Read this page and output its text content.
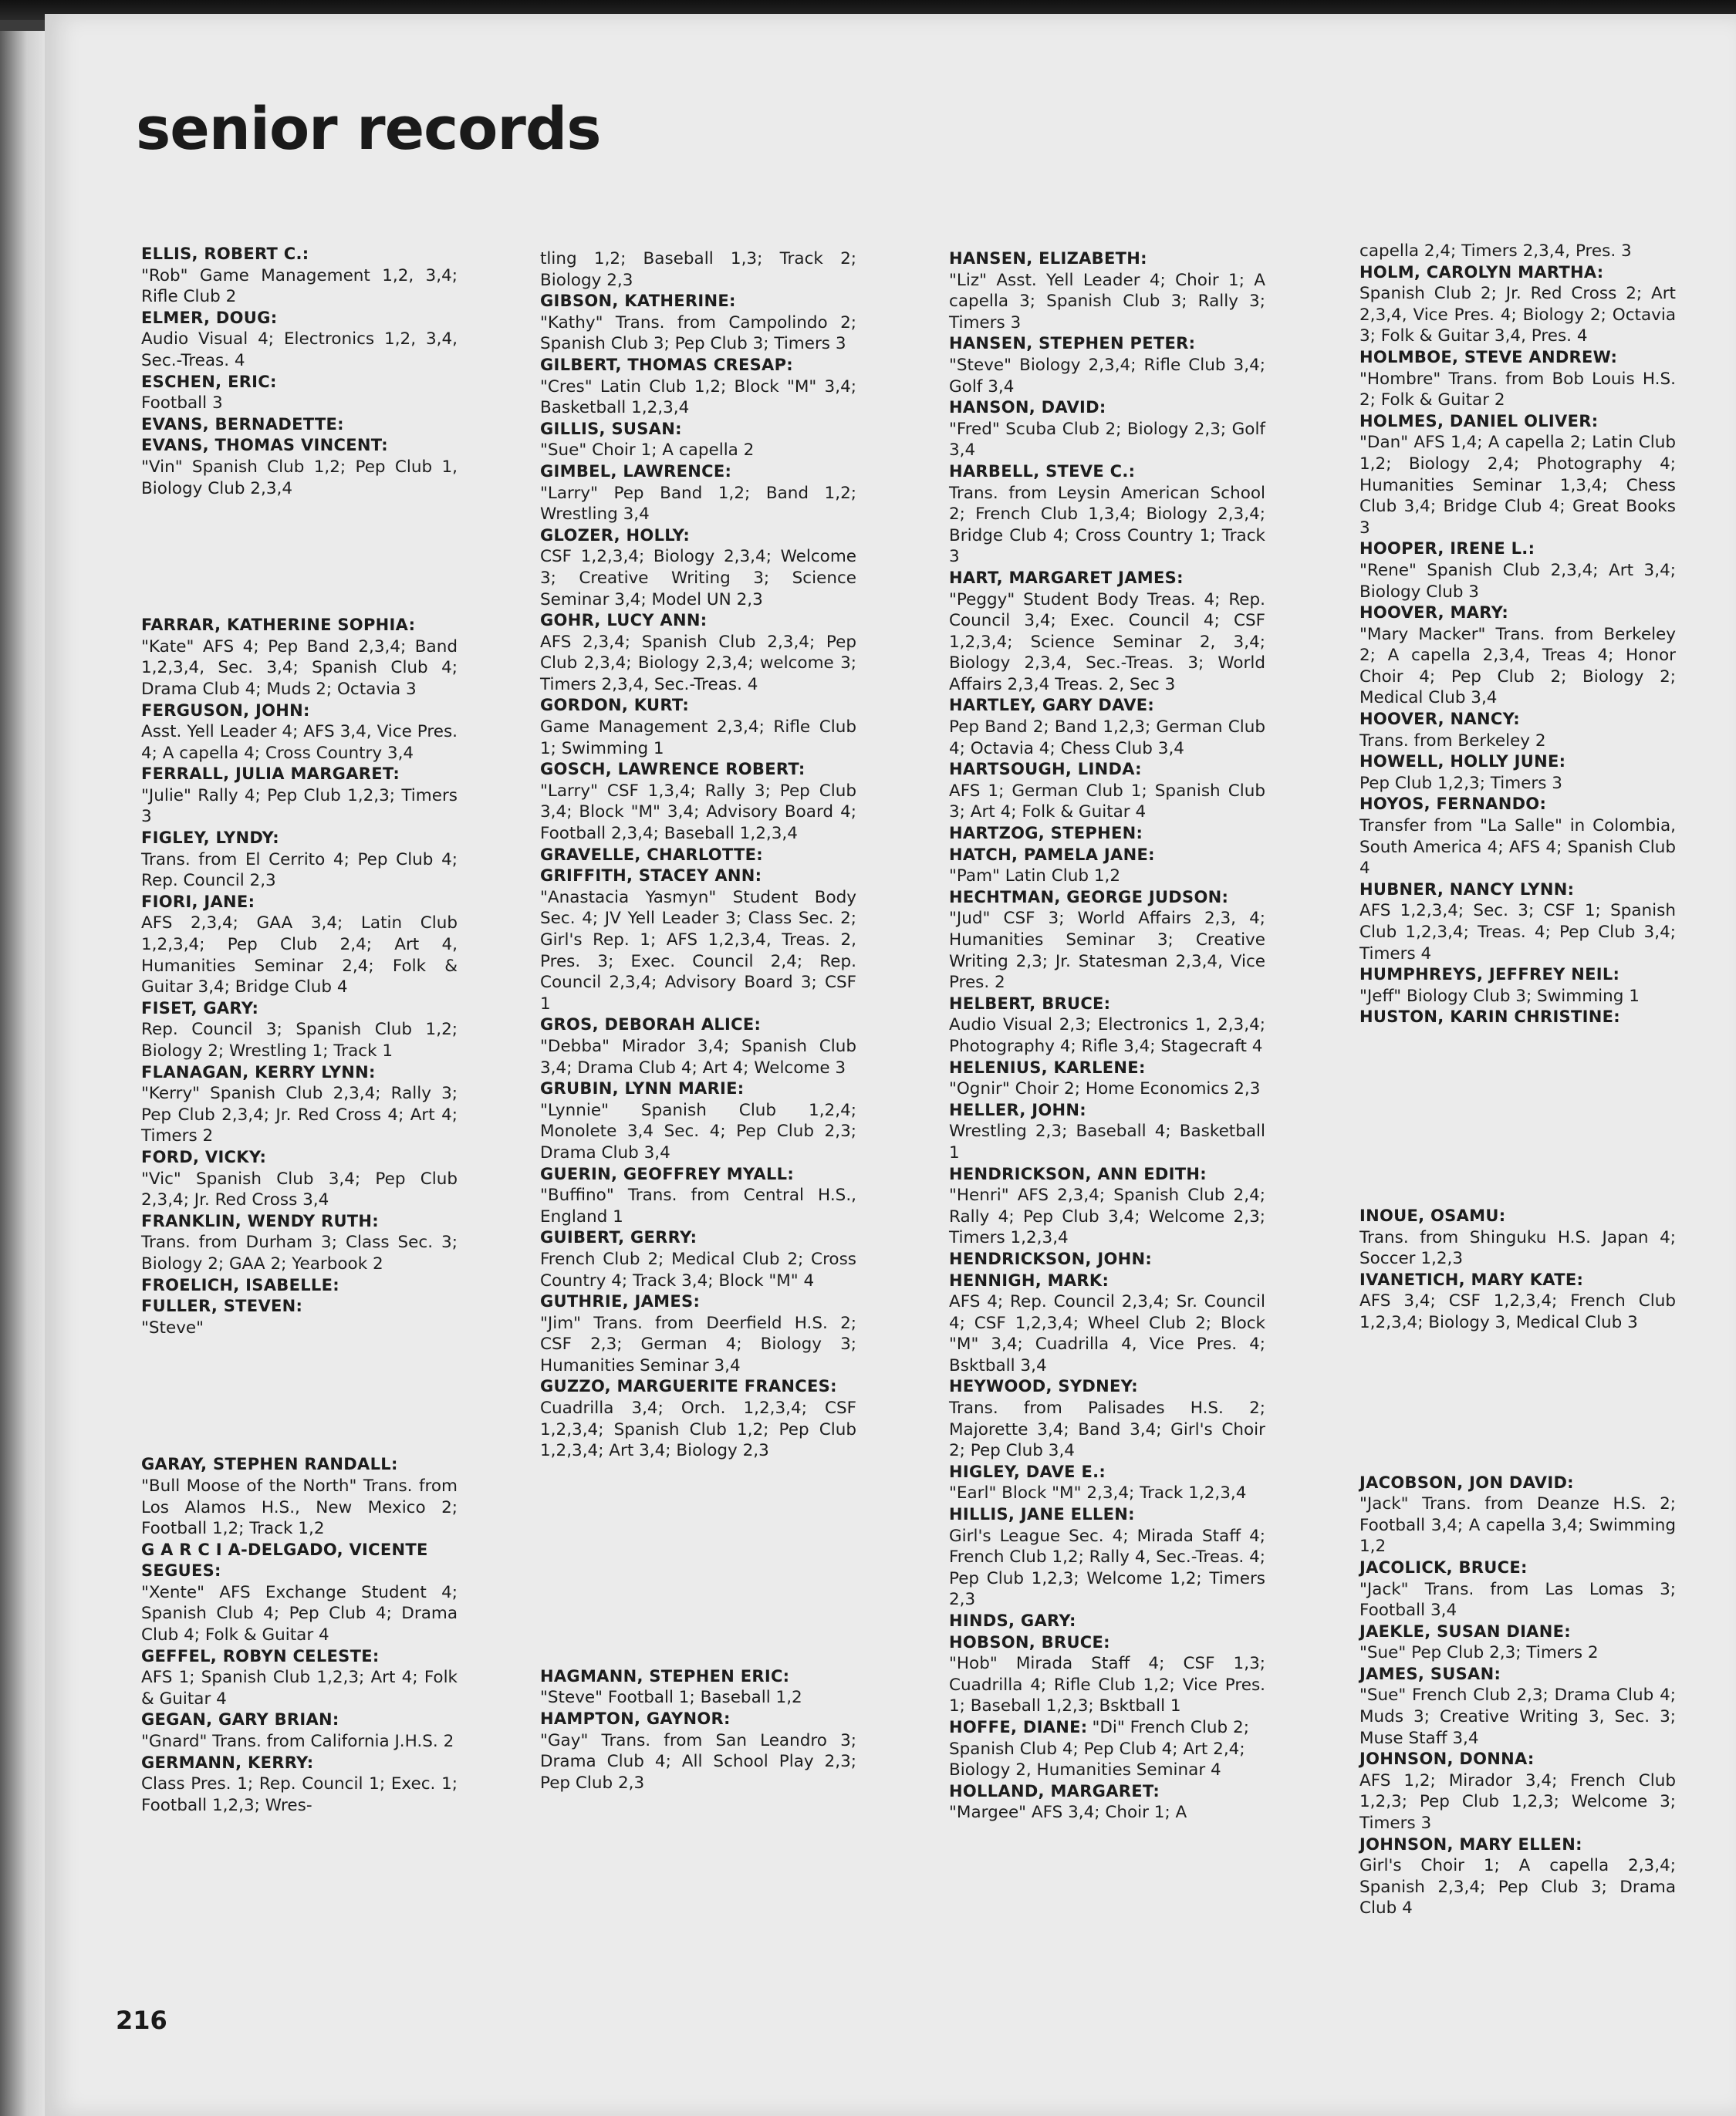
senior records
ELLIS, ROBERT C.:
"Rob" Game Management 1,2, 3,4; Rifle Club 2
ELMER, DOUG:
Audio Visual 4; Electronics 1,2, 3,4, Sec.-Treas. 4
ESCHEN, ERIC:
Football 3
EVANS, BERNADETTE:
EVANS, THOMAS VINCENT:
"Vin" Spanish Club 1,2; Pep Club 1, Biology Club 2,3,4
FARRAR, KATHERINE SOPHIA:
"Kate" AFS 4; Pep Band 2,3,4; Band 1,2,3,4, Sec. 3,4; Spanish Club 4; Drama Club 4; Muds 2; Octavia 3
FERGUSON, JOHN:
Asst. Yell Leader 4; AFS 3,4, Vice Pres. 4; A capella 4; Cross Country 3,4
FERRALL, JULIA MARGARET:
"Julie" Rally 4; Pep Club 1,2,3; Timers 3
FIGLEY, LYNDY:
Trans. from El Cerrito 4; Pep Club 4; Rep. Council 2,3
FIORI, JANE:
AFS 2,3,4; GAA 3,4; Latin Club 1,2,3,4; Pep Club 2,4; Art 4, Humanities Seminar 2,4; Folk & Guitar 3,4; Bridge Club 4
FISET, GARY:
Rep. Council 3; Spanish Club 1,2; Biology 2; Wrestling 1; Track 1
FLANAGAN, KERRY LYNN:
"Kerry" Spanish Club 2,3,4; Rally 3; Pep Club 2,3,4; Jr. Red Cross 4; Art 4; Timers 2
FORD, VICKY:
"Vic" Spanish Club 3,4; Pep Club 2,3,4; Jr. Red Cross 3,4
FRANKLIN, WENDY RUTH:
Trans. from Durham 3; Class Sec. 3; Biology 2; GAA 2; Yearbook 2
FROELICH, ISABELLE:
FULLER, STEVEN:
"Steve"
GARAY, STEPHEN RANDALL:
"Bull Moose of the North" Trans. from Los Alamos H.S., New Mexico 2; Football 1,2; Track 1,2
G A R C I A-DELGADO, VICENTE SEGUES:
"Xente" AFS Exchange Student 4; Spanish Club 4; Pep Club 4; Drama Club 4; Folk & Guitar 4
GEFFEL, ROBYN CELESTE:
AFS 1; Spanish Club 1,2,3; Art 4; Folk & Guitar 4
GEGAN, GARY BRIAN:
"Gnard" Trans. from California J.H.S. 2
GERMANN, KERRY:
Class Pres. 1; Rep. Council 1; Exec. 1; Football 1,2,3; Wres-
tling 1,2; Baseball 1,3; Track 2; Biology 2,3
GIBSON, KATHERINE:
"Kathy" Trans. from Campolindo 2; Spanish Club 3; Pep Club 3; Timers 3
GILBERT, THOMAS CRESAP:
"Cres" Latin Club 1,2; Block "M" 3,4; Basketball 1,2,3,4
GILLIS, SUSAN:
"Sue" Choir 1; A capella 2
GIMBEL, LAWRENCE:
"Larry" Pep Band 1,2; Band 1,2; Wrestling 3,4
GLOZER, HOLLY:
CSF 1,2,3,4; Biology 2,3,4; Welcome 3; Creative Writing 3; Science Seminar 3,4; Model UN 2,3
GOHR, LUCY ANN:
AFS 2,3,4; Spanish Club 2,3,4; Pep Club 2,3,4; Biology 2,3,4; welcome 3; Timers 2,3,4, Sec.-Treas. 4
GORDON, KURT:
Game Management 2,3,4; Rifle Club 1; Swimming 1
GOSCH, LAWRENCE ROBERT:
"Larry" CSF 1,3,4; Rally 3; Pep Club 3,4; Block "M" 3,4; Advisory Board 4; Football 2,3,4; Baseball 1,2,3,4
GRAVELLE, CHARLOTTE:
GRIFFITH, STACEY ANN:
"Anastacia Yasmyn" Student Body Sec. 4; JV Yell Leader 3; Class Sec. 2; Girl's Rep. 1; AFS 1,2,3,4, Treas. 2, Pres. 3; Exec. Council 2,4; Rep. Council 2,3,4; Advisory Board 3; CSF 1
GROS, DEBORAH ALICE:
"Debba" Mirador 3,4; Spanish Club 3,4; Drama Club 4; Art 4; Welcome 3
GRUBIN, LYNN MARIE:
"Lynnie" Spanish Club 1,2,4; Monolete 3,4 Sec. 4; Pep Club 2,3; Drama Club 3,4
GUERIN, GEOFFREY MYALL:
"Buffino" Trans. from Central H.S., England 1
GUIBERT, GERRY:
French Club 2; Medical Club 2; Cross Country 4; Track 3,4; Block "M" 4
GUTHRIE, JAMES:
"Jim" Trans. from Deerfield H.S. 2; CSF 2,3; German 4; Biology 3; Humanities Seminar 3,4
GUZZO, MARGUERITE FRANCES:
Cuadrilla 3,4; Orch. 1,2,3,4; CSF 1,2,3,4; Spanish Club 1,2; Pep Club 1,2,3,4; Art 3,4; Biology 2,3
HAGMANN, STEPHEN ERIC:
"Steve" Football 1; Baseball 1,2
HAMPTON, GAYNOR:
"Gay" Trans. from San Leandro 3; Drama Club 4; All School Play 2,3; Pep Club 2,3
HANSEN, ELIZABETH:
"Liz" Asst. Yell Leader 4; Choir 1; A capella 3; Spanish Club 3; Rally 3; Timers 3
HANSEN, STEPHEN PETER:
"Steve" Biology 2,3,4; Rifle Club 3,4; Golf 3,4
HANSON, DAVID:
"Fred" Scuba Club 2; Biology 2,3; Golf 3,4
HARBELL, STEVE C.:
Trans. from Leysin American School 2; French Club 1,3,4; Biology 2,3,4; Bridge Club 4; Cross Country 1; Track 3
HART, MARGARET JAMES:
"Peggy" Student Body Treas. 4; Rep. Council 3,4; Exec. Council 4; CSF 1,2,3,4; Science Seminar 2, 3,4; Biology 2,3,4, Sec.-Treas. 3; World Affairs 2,3,4 Treas. 2, Sec 3
HARTLEY, GARY DAVE:
Pep Band 2; Band 1,2,3; German Club 4; Octavia 4; Chess Club 3,4
HARTSOUGH, LINDA:
AFS 1; German Club 1; Spanish Club 3; Art 4; Folk & Guitar 4
HARTZOG, STEPHEN:
HATCH, PAMELA JANE:
"Pam" Latin Club 1,2
HECHTMAN, GEORGE JUDSON:
"Jud" CSF 3; World Affairs 2,3, 4; Humanities Seminar 3; Creative Writing 2,3; Jr. Statesman 2,3,4, Vice Pres. 2
HELBERT, BRUCE:
Audio Visual 2,3; Electronics 1, 2,3,4; Photography 4; Rifle 3,4; Stagecraft 4
HELENIUS, KARLENE:
"Ognir" Choir 2; Home Economics 2,3
HELLER, JOHN:
Wrestling 2,3; Baseball 4; Basketball 1
HENDRICKSON, ANN EDITH:
"Henri" AFS 2,3,4; Spanish Club 2,4; Rally 4; Pep Club 3,4; Welcome 2,3; Timers 1,2,3,4
HENDRICKSON, JOHN:
HENNIGH, MARK:
AFS 4; Rep. Council 2,3,4; Sr. Council 4; CSF 1,2,3,4; Wheel Club 2; Block "M" 3,4; Cuadrilla 4, Vice Pres. 4; Bsktball 3,4
HEYWOOD, SYDNEY:
Trans. from Palisades H.S. 2; Majorette 3,4; Band 3,4; Girl's Choir 2; Pep Club 3,4
HIGLEY, DAVE E.:
"Earl" Block "M" 2,3,4; Track 1,2,3,4
HILLIS, JANE ELLEN:
Girl's League Sec. 4; Mirada Staff 4; French Club 1,2; Rally 4, Sec.-Treas. 4; Pep Club 1,2,3; Welcome 1,2; Timers 2,3
HINDS, GARY:
HOBSON, BRUCE:
"Hob" Mirada Staff 4; CSF 1,3; Cuadrilla 4; Rifle Club 1,2; Vice Pres. 1; Baseball 1,2,3; Bsktball 1
HOFFE, DIANE: "Di" French Club 2; Spanish Club 4; Pep Club 4; Art 2,4; Biology 2, Humanities Seminar 4
HOLLAND, MARGARET:
"Margee" AFS 3,4; Choir 1; A
capella 2,4; Timers 2,3,4, Pres. 3
HOLM, CAROLYN MARTHA:
Spanish Club 2; Jr. Red Cross 2; Art 2,3,4, Vice Pres. 4; Biology 2; Octavia 3; Folk & Guitar 3,4, Pres. 4
HOLMBOE, STEVE ANDREW:
"Hombre" Trans. from Bob Louis H.S. 2; Folk & Guitar 2
HOLMES, DANIEL OLIVER:
"Dan" AFS 1,4; A capella 2; Latin Club 1,2; Biology 2,4; Photography 4; Humanities Seminar 1,3,4; Chess Club 3,4; Bridge Club 4; Great Books 3
HOOPER, IRENE L.:
"Rene" Spanish Club 2,3,4; Art 3,4; Biology Club 3
HOOVER, MARY:
"Mary Macker" Trans. from Berkeley 2; A capella 2,3,4, Treas 4; Honor Choir 4; Pep Club 2; Biology 2; Medical Club 3,4
HOOVER, NANCY:
Trans. from Berkeley 2
HOWELL, HOLLY JUNE:
Pep Club 1,2,3; Timers 3
HOYOS, FERNANDO:
Transfer from "La Salle" in Colombia, South America 4; AFS 4; Spanish Club 4
HUBNER, NANCY LYNN:
AFS 1,2,3,4; Sec. 3; CSF 1; Spanish Club 1,2,3,4; Treas. 4; Pep Club 3,4; Timers 4
HUMPHREYS, JEFFREY NEIL:
"Jeff" Biology Club 3; Swimming 1
HUSTON, KARIN CHRISTINE:
INOUE, OSAMU:
Trans. from Shinguku H.S. Japan 4; Soccer 1,2,3
IVANETICH, MARY KATE:
AFS 3,4; CSF 1,2,3,4; French Club 1,2,3,4; Biology 3, Medical Club 3
JACOBSON, JON DAVID:
"Jack" Trans. from Deanze H.S. 2; Football 3,4; A capella 3,4; Swimming 1,2
JACOLICK, BRUCE:
"Jack" Trans. from Las Lomas 3; Football 3,4
JAEKLE, SUSAN DIANE:
"Sue" Pep Club 2,3; Timers 2
JAMES, SUSAN:
"Sue" French Club 2,3; Drama Club 4; Muds 3; Creative Writing 3, Sec. 3; Muse Staff 3,4
JOHNSON, DONNA:
AFS 1,2; Mirador 3,4; French Club 1,2,3; Pep Club 1,2,3; Welcome 3; Timers 3
JOHNSON, MARY ELLEN:
Girl's Choir 1; A capella 2,3,4; Spanish 2,3,4; Pep Club 3; Drama Club 4
216
